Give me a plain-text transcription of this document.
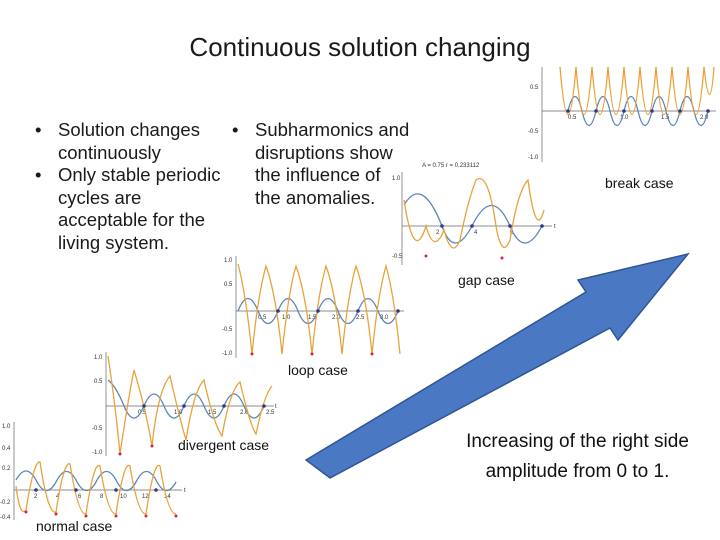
Continuous solution changing
• Solution changes continuously
• Only stable periodic cycles are acceptable for the living system.
• Subharmonics and disruptions show the influence of the anomalies.
0.5
-0.5
-1.0
0.5	1.0	1.5	2.0
break case
A = 0.75 r = 0.233112
1.0
-0.5
2	4	6
t
gap case
1.0
0.5
-0.5
-1.0
0.5	1.0	1.5	2.0	2.5	3.0
loop case
1.0
0.5
-0.5
-1.0
0.5	1.0	1.5	2.0	2.5
t
divergent case
1.0
0.4
0.2
-0.2
-0.4
2	4	6	8	10	12	14
t
normal case
Increasing of the right side amplitude from 0 to 1.
